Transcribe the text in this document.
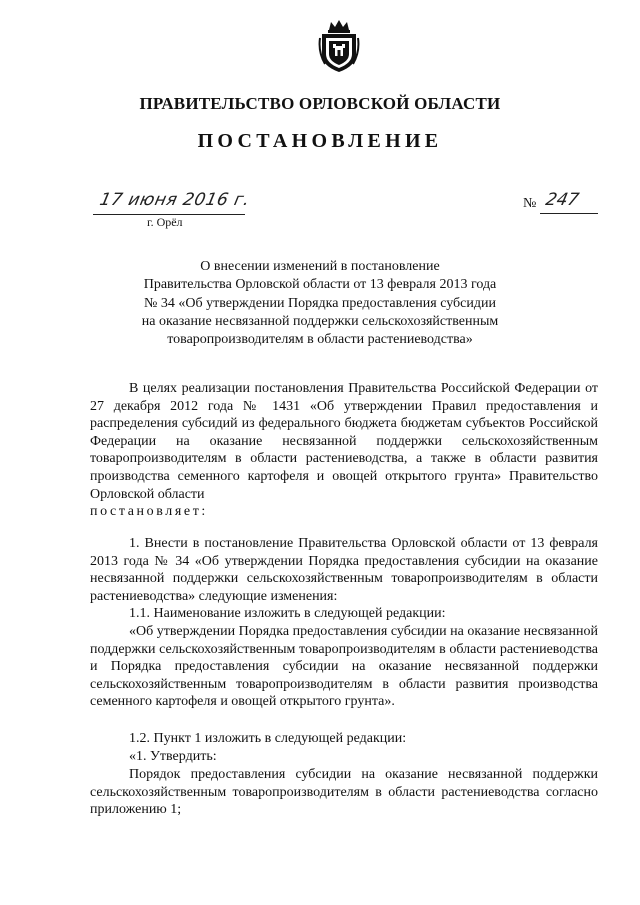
ПРАВИТЕЛЬСТВО ОРЛОВСКОЙ ОБЛАСТИ
ПОСТАНОВЛЕНИЕ
17 июня 2016 г.
г. Орёл
№ 247
О внесении изменений в постановление
Правительства Орловской области от 13 февраля 2013 года
№ 34 «Об утверждении Порядка предоставления субсидии
на оказание несвязанной поддержки сельскохозяйственным
товаропроизводителям в области растениеводства»

В целях реализации постановления Правительства Российской Федерации от 27 декабря 2012 года № 1431 «Об утверждении Правил предоставления и распределения субсидий из федерального бюджета бюджетам субъектов Российской Федерации на оказание несвязанной поддержки сельскохозяйственным товаропроизводителям в области растениеводства, а также в области развития производства семенного картофеля и овощей открытого грунта» Правительство Орловской области

постановляет:

1. Внести в постановление Правительства Орловской области от 13 февраля 2013 года № 34 «Об утверждении Порядка предоставления субсидии на оказание несвязанной поддержки сельскохозяйственным товаропроизводителям в области растениеводства» следующие изменения:

1.1. Наименование изложить в следующей редакции:

«Об утверждении Порядка предоставления субсидии на оказание несвязанной поддержки сельскохозяйственным товаропроизводителям в области растениеводства и Порядка предоставления субсидии на оказание несвязанной поддержки сельскохозяйственным товаропроизводителям в области развития производства семенного картофеля и овощей открытого грунта».

1.2. Пункт 1 изложить в следующей редакции:

«1. Утвердить:

Порядок предоставления субсидии на оказание несвязанной поддержки сельскохозяйственным товаропроизводителям в области растениеводства согласно приложению 1;
